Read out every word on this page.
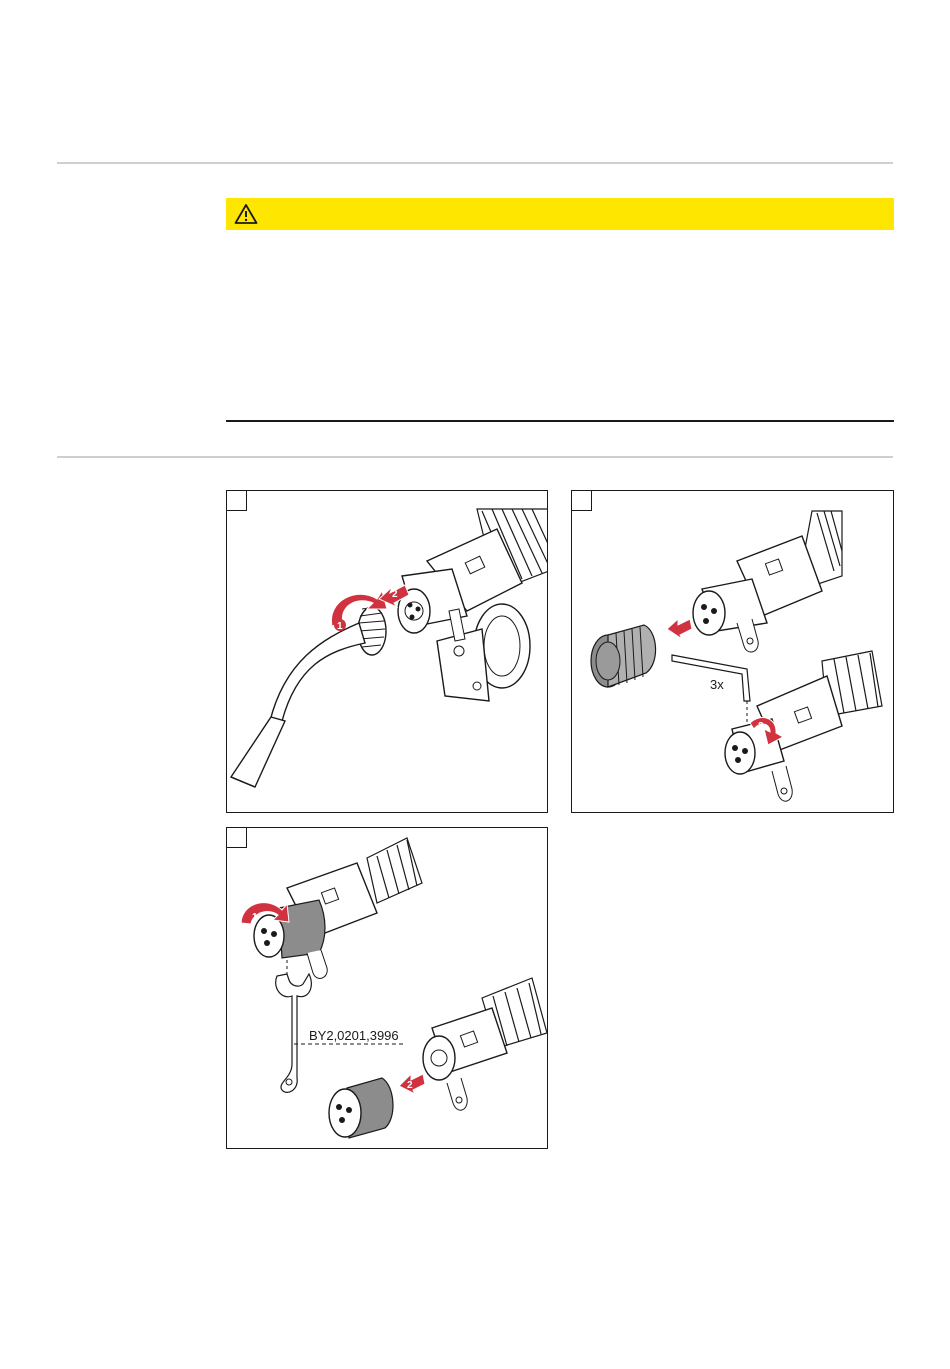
1
2
3x
2
1
BY2,0201,3996
2
